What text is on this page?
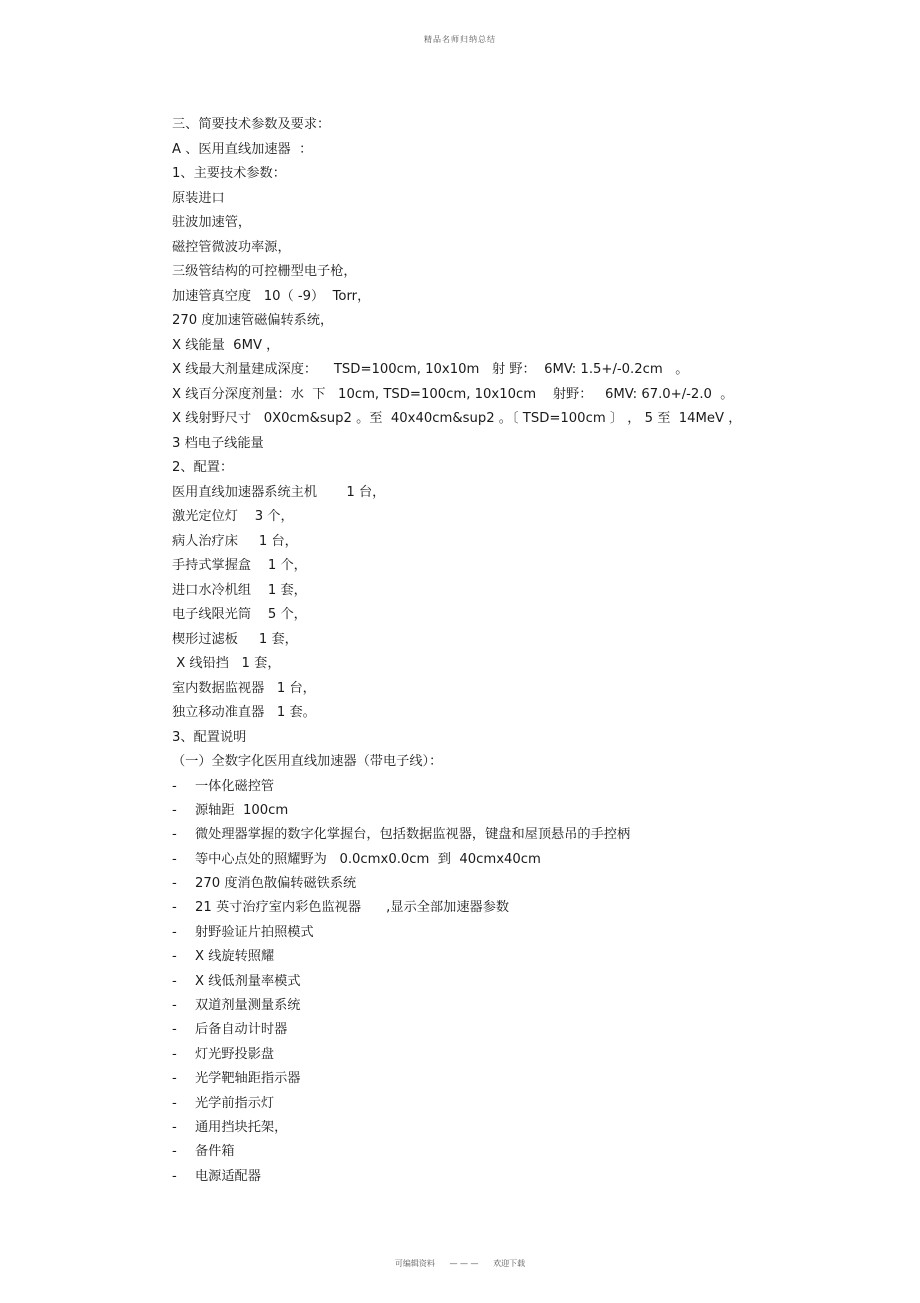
精品名师归纳总结
三、简要技术参数及要求：
A 、医用直线加速器  ：
1、主要技术参数：
原装进口
驻波加速管，
磁控管微波功率源，
三级管结构的可控栅型电子枪，
加速管真空度   10（ -9）  Torr，
270 度加速管磁偏转系统，
X 线能量  6MV ，
X 线最大剂量建成深度：    TSD=100cm, 10x10m   射 野：  6MV: 1.5+/-0.2cm   。
X 线百分深度剂量：水  下   10cm, TSD=100cm, 10x10cm    射野：   6MV: 67.0+/-2.0  。
X 线射野尺寸   0X0cm&sup2 。至  40x40cm&sup2 。〔 TSD=100cm 〕 ， 5 至  14MeV ，
3 档电子线能量
2、配置：
医用直线加速器系统主机       1 台，
激光定位灯    3 个，
病人治疗床     1 台，
手持式掌握盒    1 个，
进口水冷机组    1 套，
电子线限光筒    5 个，
楔形过滤板     1 套，
X 线铅挡   1 套，
室内数据监视器   1 台，
独立移动准直器   1 套。
3、配置说明
（一）全数字化医用直线加速器（带电子线）：
-	一体化磁控管
-	源轴距  100cm
-	微处理器掌握的数字化掌握台，包括数据监视器，键盘和屋顶悬吊的手控柄
-	等中心点处的照耀野为   0.0cmx0.0cm  到  40cmx40cm
-	270 度消色散偏转磁铁系统
-	21 英寸治疗室内彩色监视器      ,显示全部加速器参数
-	射野验证片拍照模式
-	X 线旋转照耀
-	X 线低剂量率模式
-	双道剂量测量系统
-	后备自动计时器
-	灯光野投影盘
-	光学靶轴距指示器
-	光学前指示灯
-	通用挡块托架，
-	备件箱
-	电源适配器
可编辑资料 — — — 欢迎下载
